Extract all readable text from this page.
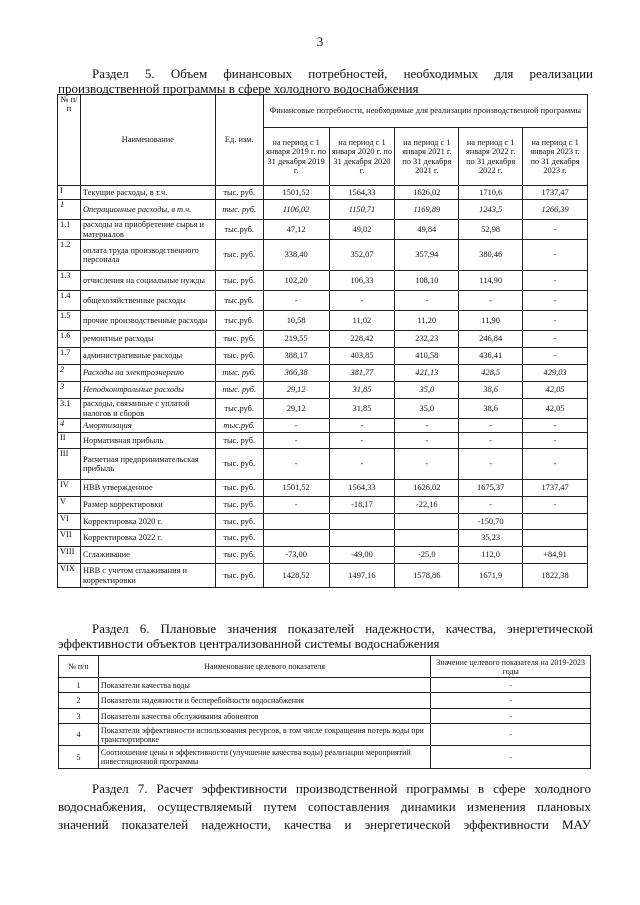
3
Раздел 5. Объем финансовых потребностей, необходимых для реализации
производственной программы в сфере холодного водоснабжения
№ п/п	Наименование	Ед. изм.	Финансовые потребности, необходимые для реализации производственной программы				
			на период с 1 января 2019 г. по 31 декабря 2019 г.	на период с 1 января 2020 г. по 31 декабря 2020 г.	на период с 1 января 2021 г. по 31 декабря 2021 г.	на период с 1 января 2022 г. по 31 декабря 2022 г.	на период с 1 января 2023 г. по 31 декабря 2023 г.
I	Текущие расходы, в т.ч.	тыс. руб.	1501,52	1564,33	1626,02	1710,6	1737,47
1	Операционные расходы, в т.ч.	тыс. руб.	1106,02	1150,71	1169,89	1243,5	1266,39
1.1	расходы на приобретение сырья и материалов	тыс.руб.	47,12	49,02	49,84	52,98	-
1.2	оплата труда производственного персонала	тыс. руб.	338,40	352,07	357,94	380,46	-
1.3	отчисления на социальные нужды	тыс. руб.	102,20	106,33	108,10	114,90	-
1.4	общехозяйственные расходы	тыс.руб.	-	-	-	-	-
1.5	прочие производственные расходы	тыс.руб.	10,58	11,02	11,20	11,90	-
1.6	ремонтные расходы	тыс. руб.	219,55	228,42	232,23	246,84	-
1.7	административные расходы	тыс. руб.	388,17	403,85	410,58	436,41	-
2	Расходы на электроэнергию	тыс. руб.	366,38	381,77	421,13	428,5	429,03
3	Неподконтрольные расходы	тыс. руб.	29,12	31,85	35,0	38,6	42,05
3.1	расходы, связанные с уплатой налогов и сборов	тыс.руб.	29,12	31,85	35,0	38,6	42,05
4	Амортизация	тыс.руб.	-	-	-	-	-
II	Нормативная прибыль	тыс. руб.	-	-	-	-	-
III	Расчетная предпринимательская прибыль	тыс. руб.	-	-	-	-	-
IV	НВВ утвержденное	тыс. руб.	1501,52	1564,33	1626,02	1675,37	1737,47
V	Размер корректировки	тыс. руб.	-	-18,17	-22,16	-	-
VI	Корректировка 2020 г.	тыс. руб.				-150,70	
VII	Корректировка 2022 г.	тыс. руб.				35,23	
VIII	Сглаживание	тыс. руб.	-73,00	-49,00	-25,0	112,0	+84,91
VIX	НВВ с учетом сглаживания и корректировки	тыс. руб.	1428,52	1497,16	1578,86	1671,9	1822,38
Раздел 6. Плановые значения показателей надежности, качества, энергетической
эффективности объектов централизованной системы водоснабжения
№ п/п	Наименование целевого показателя	Значение целевого показателя на 2019-2023 годы
1	Показатели качества воды	-
2	Показатели надежности и бесперебойности водоснабжения	-
3	Показатели качества обслуживания абонентов	-
4	Показатели эффективности использования ресурсов, в том числе сокращения потерь воды при транспортировке	-
5	Соотношение цены и эффективности (улучшение качества воды) реализации мероприятий инвестиционной программы	-
Раздел 7. Расчет эффективности производственной программы в сфере холодного
водоснабжения, осуществляемый путем сопоставления динамики изменения плановых
значений показателей надежности, качества и энергетической эффективности МАУ
